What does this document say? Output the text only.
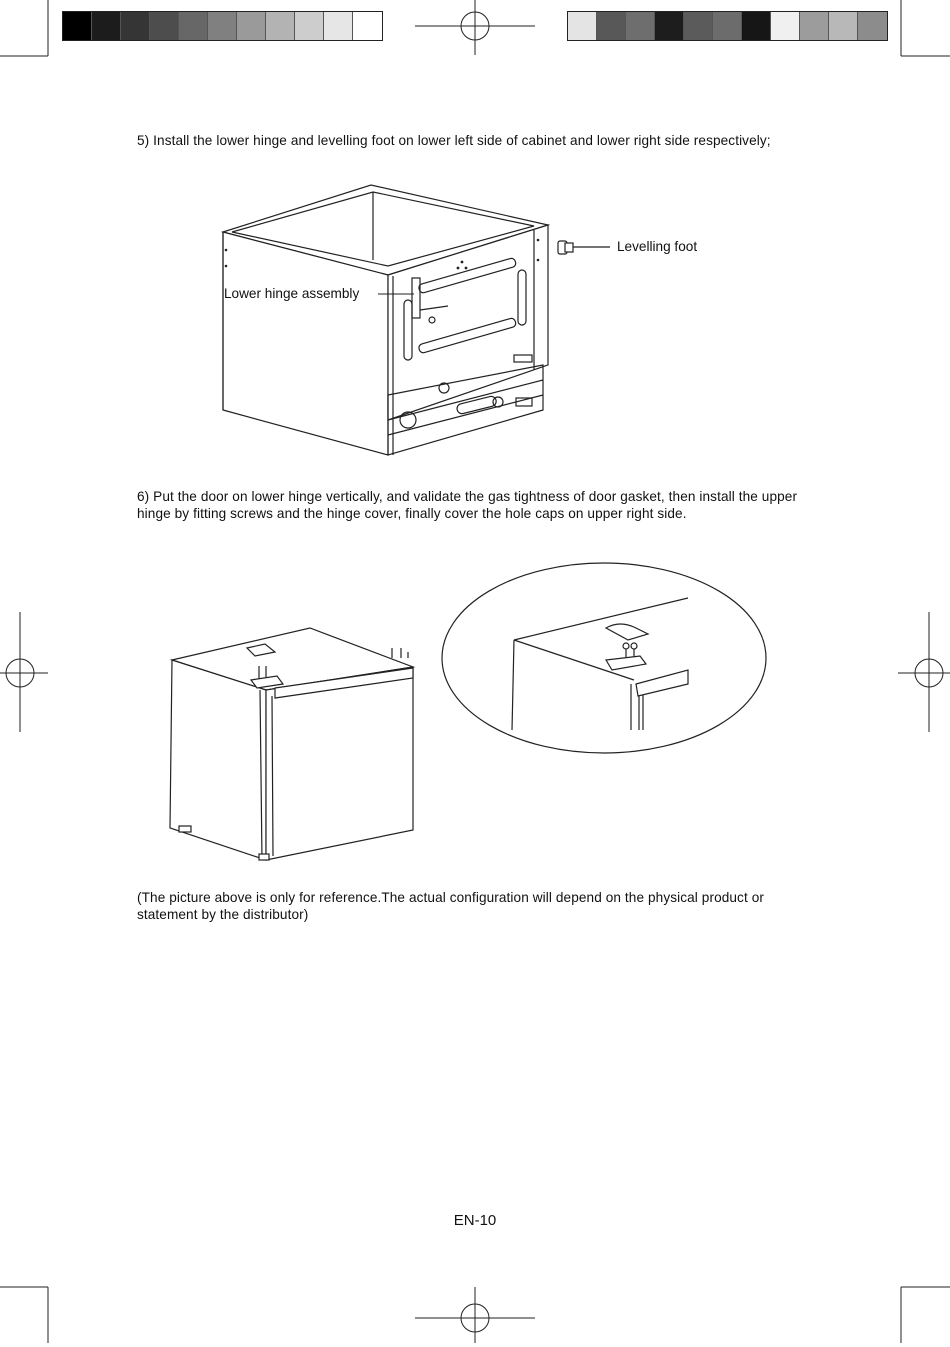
5) Install the lower hinge and levelling foot on lower left side of cabinet and lower right side respectively;

Levelling foot
Lower hinge assembly

6) Put the door on lower hinge vertically, and validate the gas tightness of door gasket, then install the upper hinge by fitting screws and the hinge cover, finally cover the hole caps on upper right side.

(The picture above is only for reference.The actual configuration will depend on the physical product or statement by the distributor)

EN-10
